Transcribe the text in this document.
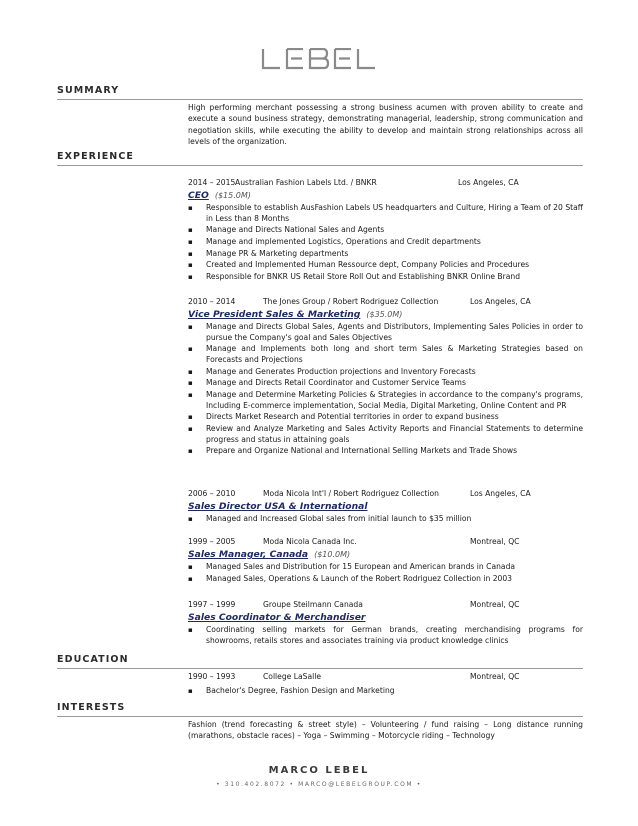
SUMMARY
High performing merchant possessing a strong business acumen with proven ability to create and execute a sound business strategy, demonstrating managerial, leadership, strong communication and negotiation skills, while executing the ability to develop and maintain strong relationships across all levels of the organization.
EXPERIENCE
2014 – 2015 Australian Fashion Labels Ltd. / BNKR	Los Angeles, CA
CEO ($15.0M)
▪ Responsible to establish AusFashion Labels US headquarters and Culture, Hiring a Team of 20 Staff in Less than 8 Months
▪ Manage and Directs National Sales and Agents
▪ Manage and implemented Logistics, Operations and Credit departments
▪ Manage PR & Marketing departments
▪ Created and Implemented Human Ressource dept, Company Policies and Procedures
▪ Responsible for BNKR US Retail Store Roll Out and Establishing BNKR Online Brand
2010 – 2014	The Jones Group / Robert Rodriguez Collection	Los Angeles, CA
Vice President Sales & Marketing ($35.0M)
▪ Manage and Directs Global Sales, Agents and Distributors, Implementing Sales Policies in order to pursue the Company's goal and Sales Objectives
▪ Manage and Implements both long and short term Sales & Marketing Strategies based on Forecasts and Projections
▪ Manage and Generates Production projections and Inventory Forecasts
▪ Manage and Directs Retail Coordinator and Customer Service Teams
▪ Manage and Determine Marketing Policies & Strategies in accordance to the company's programs, Including E-commerce implementation, Social Media, Digital Marketing, Online Content and PR
▪ Directs Market Research and Potential territories in order to expand business
▪ Review and Analyze Marketing and Sales Activity Reports and Financial Statements to determine progress and status in attaining goals
▪ Prepare and Organize National and International Selling Markets and Trade Shows
2006 – 2010	Moda Nicola Int'l / Robert Rodriguez Collection	Los Angeles, CA
Sales Director USA & International
▪ Managed and Increased Global sales from initial launch to $35 million
1999 – 2005	Moda Nicola Canada Inc.	Montreal, QC
Sales Manager, Canada ($10.0M)
▪ Managed Sales and Distribution for 15 European and American brands in Canada
▪ Managed Sales, Operations & Launch of the Robert Rodriguez Collection in 2003
1997 – 1999	Groupe Steilmann Canada	Montreal, QC
Sales Coordinator & Merchandiser
▪ Coordinating selling markets for German brands, creating merchandising programs for showrooms, retails stores and associates training via product knowledge clinics
EDUCATION
1990 – 1993	College LaSalle	Montreal, QC
▪ Bachelor's Degree, Fashion Design and Marketing
INTERESTS
Fashion (trend forecasting & street style) – Volunteering / fund raising – Long distance running (marathons, obstacle races) – Yoga – Swimming – Motorcycle riding – Technology
MARCO LEBEL
• 310.402.8072 • MARCO@LEBELGROUP.COM •
